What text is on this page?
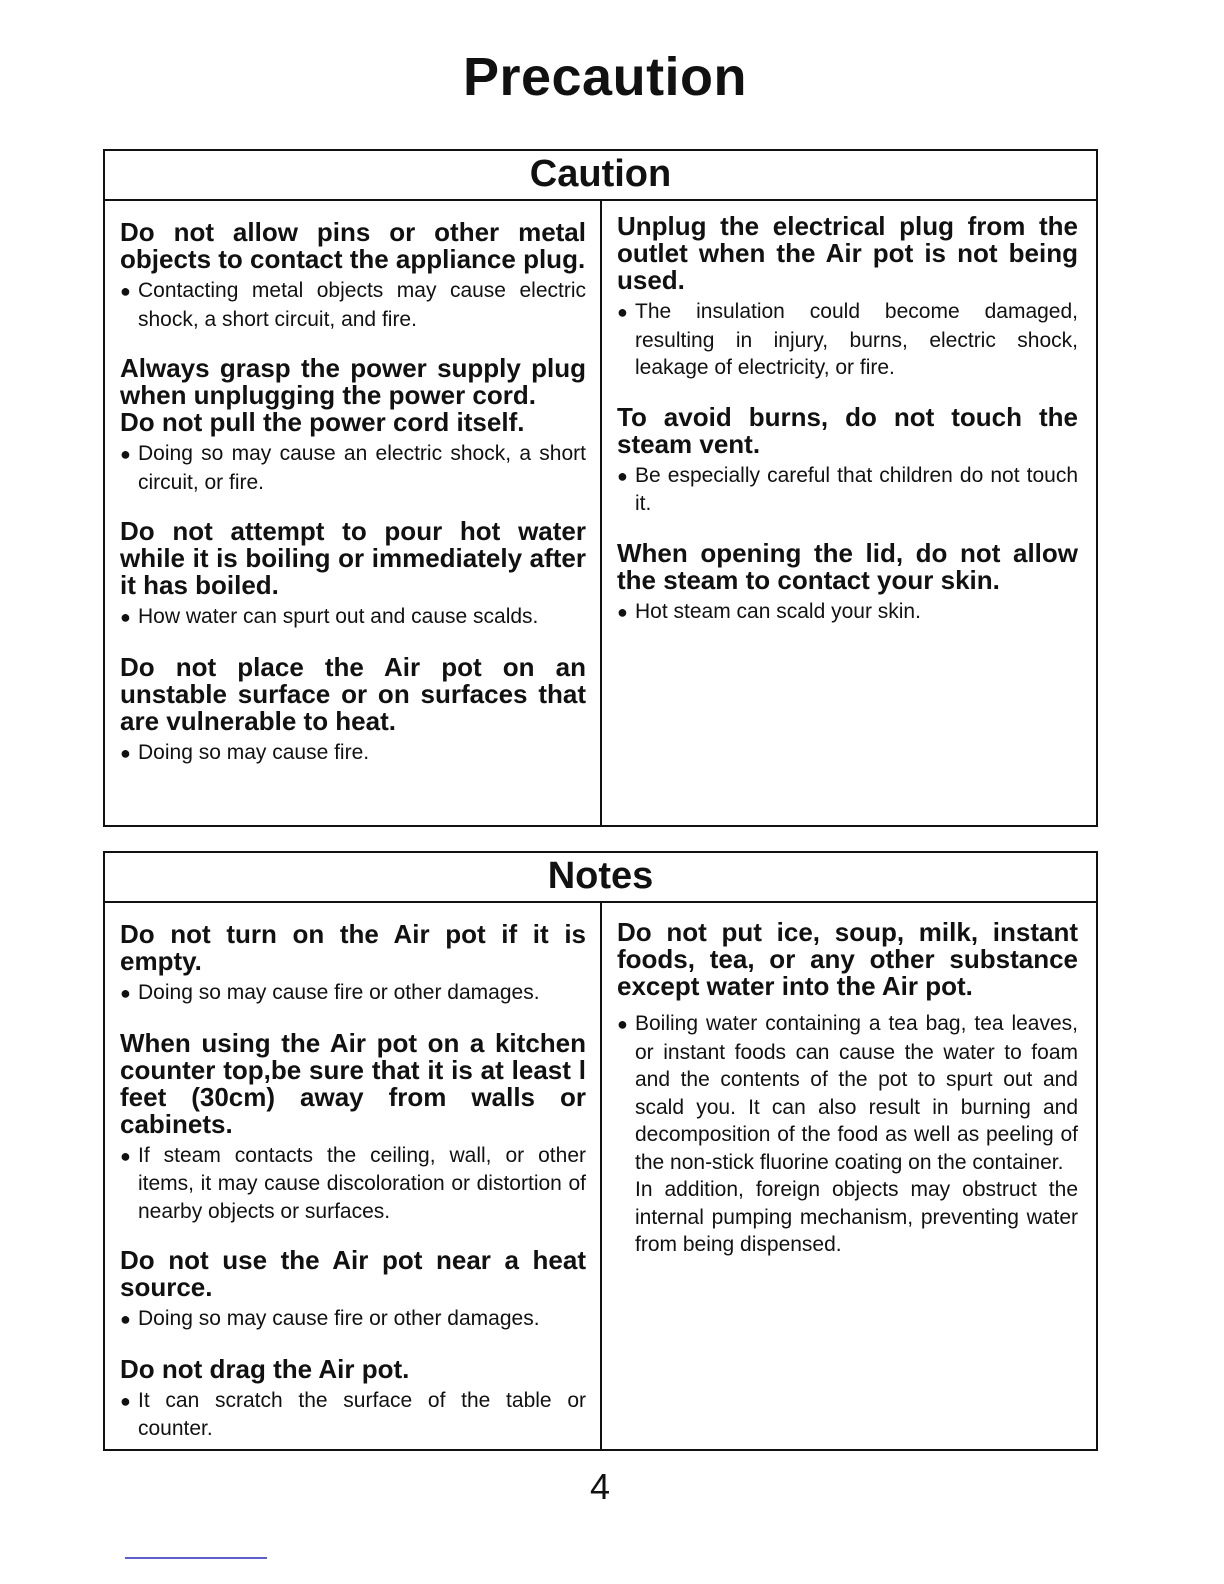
Precaution
Caution

Do not allow pins or other metal objects to contact the appliance plug.

● Contacting metal objects may cause electric shock, a short circuit, and fire.

Always grasp the power supply plug when unplugging the power cord.
Do not pull the power cord itself.

● Doing so may cause an electric shock, a short circuit, or fire.

Do not attempt to pour hot water while it is boiling or immediately after it has boiled.

● How water can spurt out and cause scalds.

Do not place the Air pot on an unstable surface or on surfaces that are vulnerable to heat.

● Doing so may cause fire.

Unplug the electrical plug from the outlet when the Air pot is not being used.

● The insulation could become damaged, resulting in injury, burns, electric shock, leakage of electricity, or fire.

To avoid burns, do not touch the steam vent.

● Be especially careful that children do not touch it.

When opening the lid, do not allow the steam to contact your skin.

● Hot steam can scald your skin.

Notes

Do not turn on the Air pot if it is empty.

● Doing so may cause fire or other damages.

When using the Air pot on a kitchen counter top,be sure that it is at least l feet (30cm) away from walls or cabinets.

● If steam contacts the ceiling, wall, or other items, it may cause discoloration or distortion of nearby objects or surfaces.

Do not use the Air pot near a heat source.

● Doing so may cause fire or other damages.

Do not drag the Air pot.

● It can scratch the surface of the table or counter.

Do not put ice, soup, milk, instant foods, tea, or any other substance except water into the Air pot.

● Boiling water containing a tea bag, tea leaves, or instant foods can cause the water to foam and the contents of the pot to spurt out and scald you. It can also result in burning and decomposition of the food as well as peeling of the non-stick fluorine coating on the container.

In addition, foreign objects may obstruct the internal pumping mechanism, preventing water from being dispensed.
4
